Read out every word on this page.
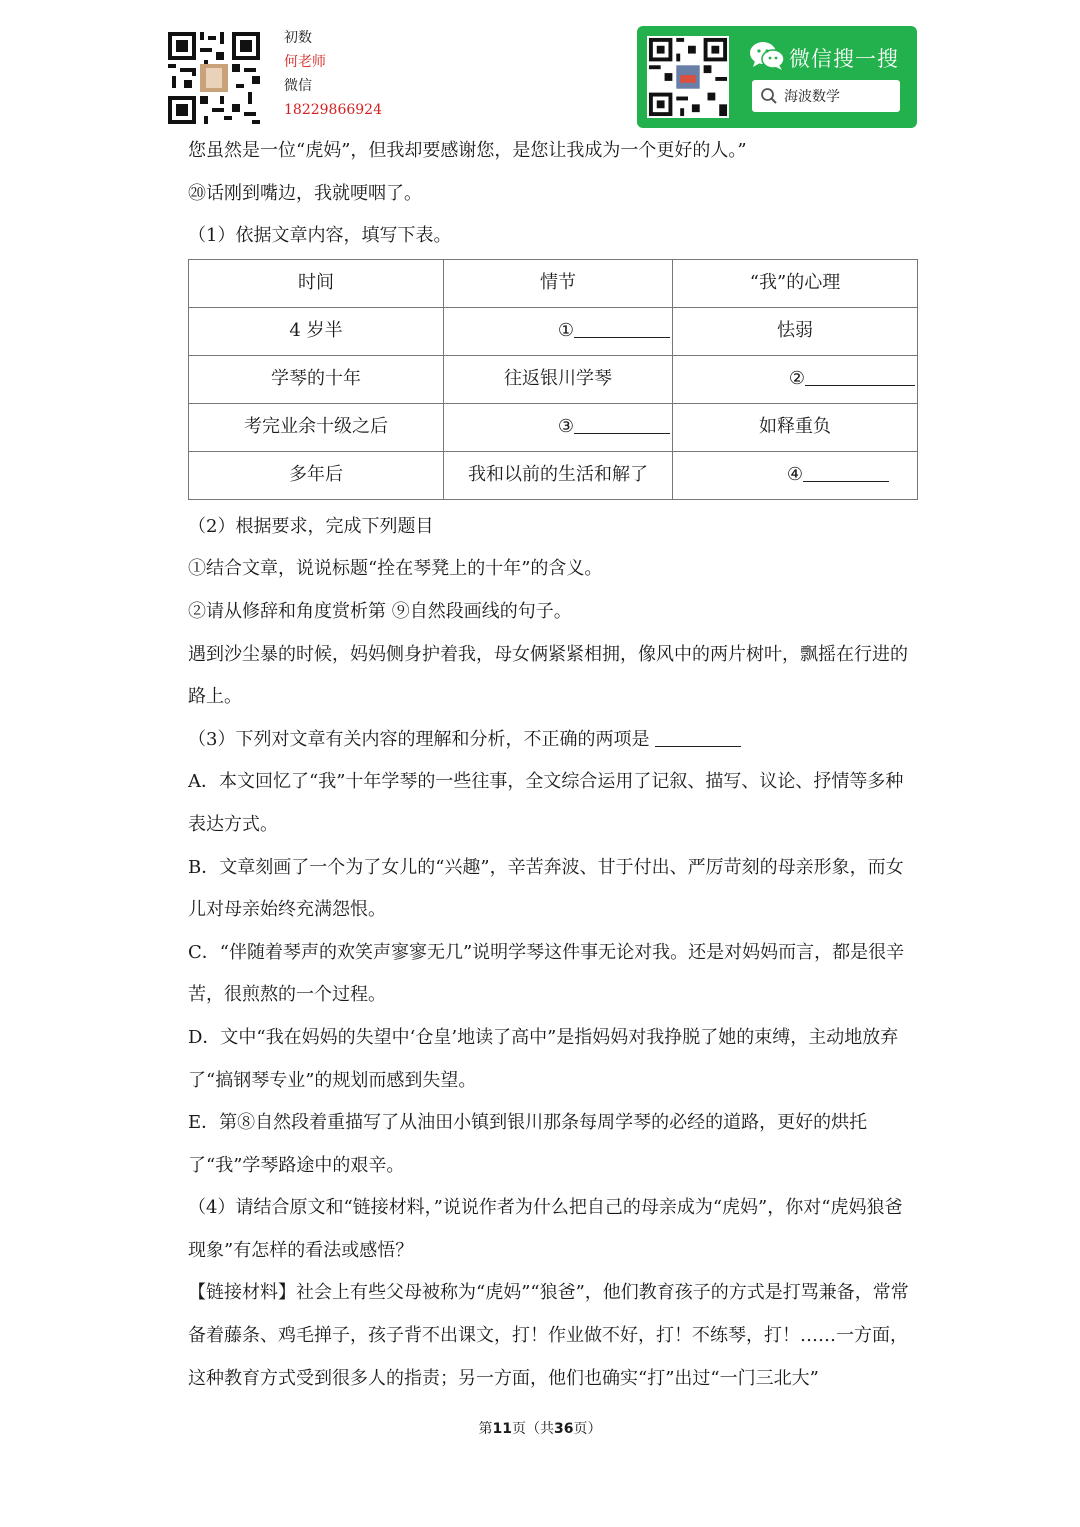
初数
何老师
微信
18229866924
微信搜一搜
海波数学

您虽然是一位“虎妈”，但我却要感谢您，是您让我成为一个更好的人。”

⑳话刚到嘴边，我就哽咽了。

（1）依据文章内容，填写下表。

时间	情节	“我”的心理
4 岁半	①	怯弱
学琴的十年	往返银川学琴	②
考完业余十级之后	③	如释重负
多年后	我和以前的生活和解了	④

（2）根据要求，完成下列题目

①结合文章，说说标题“拴在琴凳上的十年”的含义。

②请从修辞和角度赏析第 ⑨自然段画线的句子。

遇到沙尘暴的时候，妈妈侧身护着我，母女俩紧紧相拥，像风中的两片树叶，飘摇在行进的路上。

（3）下列对文章有关内容的理解和分析，不正确的两项是

A．本文回忆了“我”十年学琴的一些往事，全文综合运用了记叙、描写、议论、抒情等多种表达方式。

B．文章刻画了一个为了女儿的“兴趣”，辛苦奔波、甘于付出、严厉苛刻的母亲形象，而女儿对母亲始终充满怨恨。

C．“伴随着琴声的欢笑声寥寥无几”说明学琴这件事无论对我。还是对妈妈而言，都是很辛苦，很煎熬的一个过程。

D．文中“我在妈妈的失望中‘仓皇’地读了高中”是指妈妈对我挣脱了她的束缚，主动地放弃了“搞钢琴专业”的规划而感到失望。

E．第⑧自然段着重描写了从油田小镇到银川那条每周学琴的必经的道路，更好的烘托了“我”学琴路途中的艰辛。

（4）请结合原文和“链接材料，”说说作者为什么把自己的母亲成为“虎妈”，你对“虎妈狼爸现象”有怎样的看法或感悟？

【链接材料】社会上有些父母被称为“虎妈”“狼爸”，他们教育孩子的方式是打骂兼备，常常备着藤条、鸡毛掸子，孩子背不出课文，打！作业做不好，打！不练琴，打！……一方面，这种教育方式受到很多人的指责；另一方面，他们也确实“打”出过“一门三北大”

第11页（共36页）
